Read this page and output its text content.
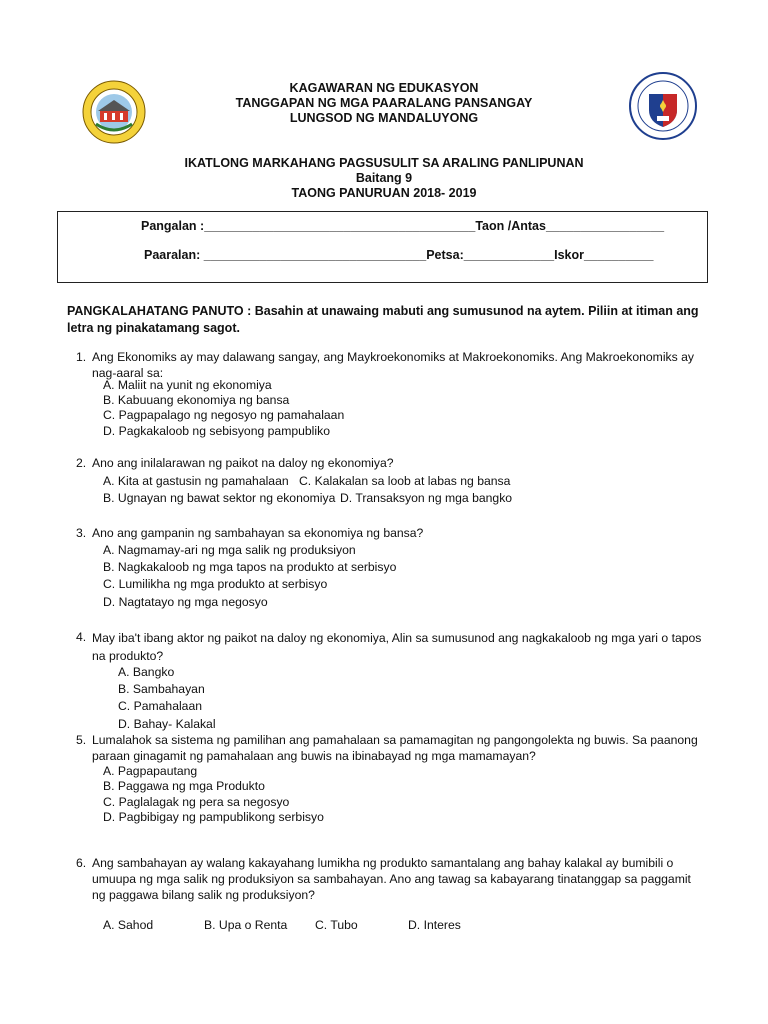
KAGAWARAN NG EDUKASYON
TANGGAPAN NG MGA PAARALANG PANSANGAY
LUNGSOD NG MANDALUYONG
IKATLONG MARKAHANG PAGSUSULIT SA ARALING PANLIPUNAN
Baitang 9
TAONG PANURUAN 2018- 2019
Pangalan :_______________________________________Taon /Antas_________________
Paaralan: ________________________________Petsa:_____________Iskor__________
PANGKALAHATANG PANUTO : Basahin at unawaing mabuti ang sumusunod na aytem. Piliin at itiman ang letra ng pinakatamang sagot.
1. Ang Ekonomiks ay may dalawang sangay, ang Maykroekonomiks at Makroekonomiks. Ang Makroekonomiks ay nag-aaral sa:
A. Maliit na yunit ng ekonomiya
B. Kabuuang ekonomiya ng bansa
C. Pagpapalago ng negosyo ng pamahalaan
D. Pagkakaloob ng sebisyong pampubliko
2. Ano ang inilalarawan ng paikot na daloy ng ekonomiya?
A. Kita at gastusin ng pamahalaan C. Kalakalan sa loob at labas ng bansa
B. Ugnayan ng bawat sektor ng ekonomiya D. Transaksyon ng mga bangko
3. Ano ang gampanin ng sambahayan sa ekonomiya ng bansa?
A. Nagmamay-ari ng mga salik ng produksiyon
B. Nagkakaloob ng mga tapos na produkto at serbisyo
C. Lumilikha ng mga produkto at serbisyo
D. Nagtatayo ng mga negosyo
4. May iba't ibang aktor ng paikot na daloy ng ekonomiya, Alin sa sumusunod ang nagkakaloob ng mga yari o tapos na produkto?
A. Bangko
B. Sambahayan
C. Pamahalaan
D. Bahay- Kalakal
5. Lumalahok sa sistema ng pamilihan ang pamahalaan sa pamamagitan ng pangongolekta ng buwis. Sa paanong paraan ginagamit ng pamahalaan ang buwis na ibinabayad ng mga mamamayan?
A. Pagpapautang
B. Paggawa ng mga Produkto
C. Paglalagak ng pera sa negosyo
D. Pagbibigay ng pampublikong serbisyo
6. Ang sambahayan ay walang kakayahang lumikha ng produkto samantalang ang bahay kalakal ay bumibili o umuupa ng mga salik ng produksiyon sa sambahayan. Ano ang tawag sa kabayarang tinatanggap sa paggamit ng paggawa bilang salik ng produksiyon?
A. Sahod	B. Upa o Renta C. Tubo	D. Interes
